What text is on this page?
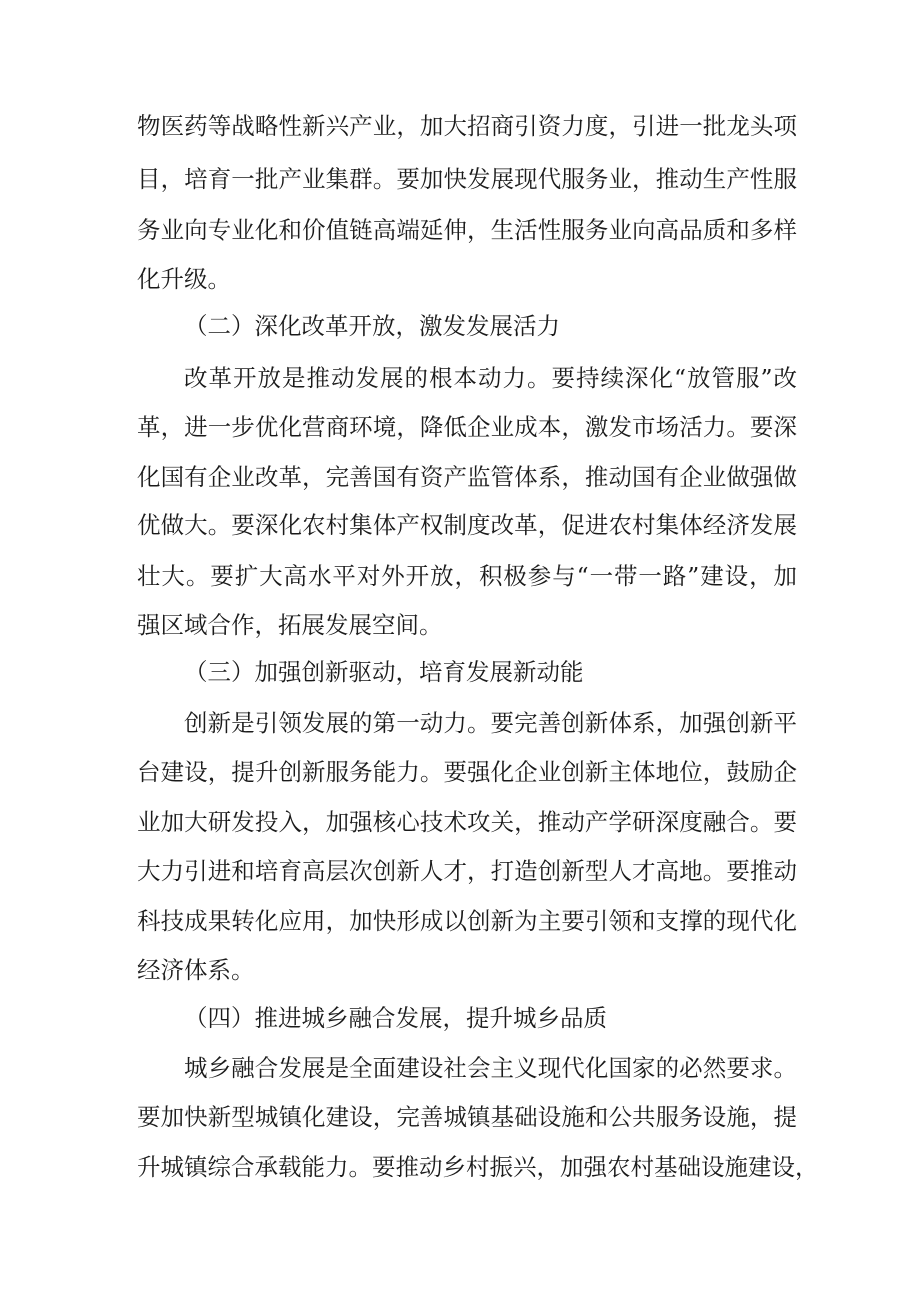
物医药等战略性新兴产业，加大招商引资力度，引进一批龙头项
目，培育一批产业集群。要加快发展现代服务业，推动生产性服
务业向专业化和价值链高端延伸，生活性服务业向高品质和多样
化升级。
（二）深化改革开放，激发发展活力
改革开放是推动发展的根本动力。要持续深化“放管服”改
革，进一步优化营商环境，降低企业成本，激发市场活力。要深
化国有企业改革，完善国有资产监管体系，推动国有企业做强做
优做大。要深化农村集体产权制度改革，促进农村集体经济发展
壮大。要扩大高水平对外开放，积极参与“一带一路”建设，加
强区域合作，拓展发展空间。
（三）加强创新驱动，培育发展新动能
创新是引领发展的第一动力。要完善创新体系，加强创新平
台建设，提升创新服务能力。要强化企业创新主体地位，鼓励企
业加大研发投入，加强核心技术攻关，推动产学研深度融合。要
大力引进和培育高层次创新人才，打造创新型人才高地。要推动
科技成果转化应用，加快形成以创新为主要引领和支撑的现代化
经济体系。
（四）推进城乡融合发展，提升城乡品质
城乡融合发展是全面建设社会主义现代化国家的必然要求。
要加快新型城镇化建设，完善城镇基础设施和公共服务设施，提
升城镇综合承载能力。要推动乡村振兴，加强农村基础设施建设，
